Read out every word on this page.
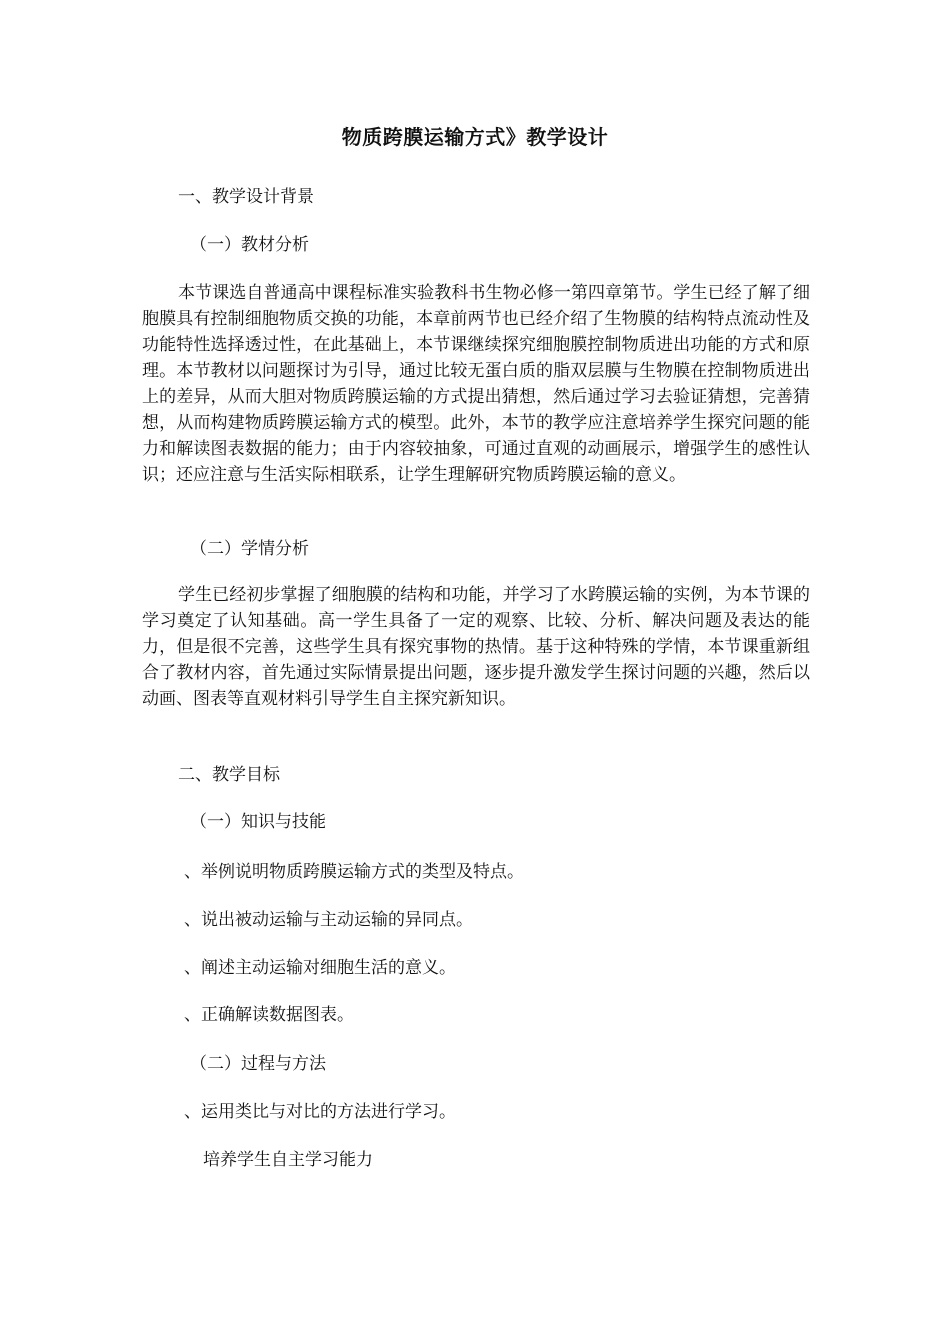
物质跨膜运输方式》教学设计
一、教学设计背景
（一）教材分析
本节课选自普通高中课程标准实验教科书生物必修一第四章第节。学生已经了解了细胞膜具有控制细胞物质交换的功能，本章前两节也已经介绍了生物膜的结构特点流动性及功能特性选择透过性，在此基础上，本节课继续探究细胞膜控制物质进出功能的方式和原理。本节教材以问题探讨为引导，通过比较无蛋白质的脂双层膜与生物膜在控制物质进出上的差异，从而大胆对物质跨膜运输的方式提出猜想，然后通过学习去验证猜想，完善猜想，从而构建物质跨膜运输方式的模型。此外，本节的教学应注意培养学生探究问题的能力和解读图表数据的能力；由于内容较抽象，可通过直观的动画展示，增强学生的感性认识；还应注意与生活实际相联系，让学生理解研究物质跨膜运输的意义。
（二）学情分析
学生已经初步掌握了细胞膜的结构和功能，并学习了水跨膜运输的实例，为本节课的学习奠定了认知基础。高一学生具备了一定的观察、比较、分析、解决问题及表达的能力，但是很不完善，这些学生具有探究事物的热情。基于这种特殊的学情，本节课重新组合了教材内容，首先通过实际情景提出问题，逐步提升激发学生探讨问题的兴趣，然后以动画、图表等直观材料引导学生自主探究新知识。
二、教学目标
（一）知识与技能
、举例说明物质跨膜运输方式的类型及特点。
、说出被动运输与主动运输的异同点。
、阐述主动运输对细胞生活的意义。
、正确解读数据图表。
（二）过程与方法
、运用类比与对比的方法进行学习。
培养学生自主学习能力
